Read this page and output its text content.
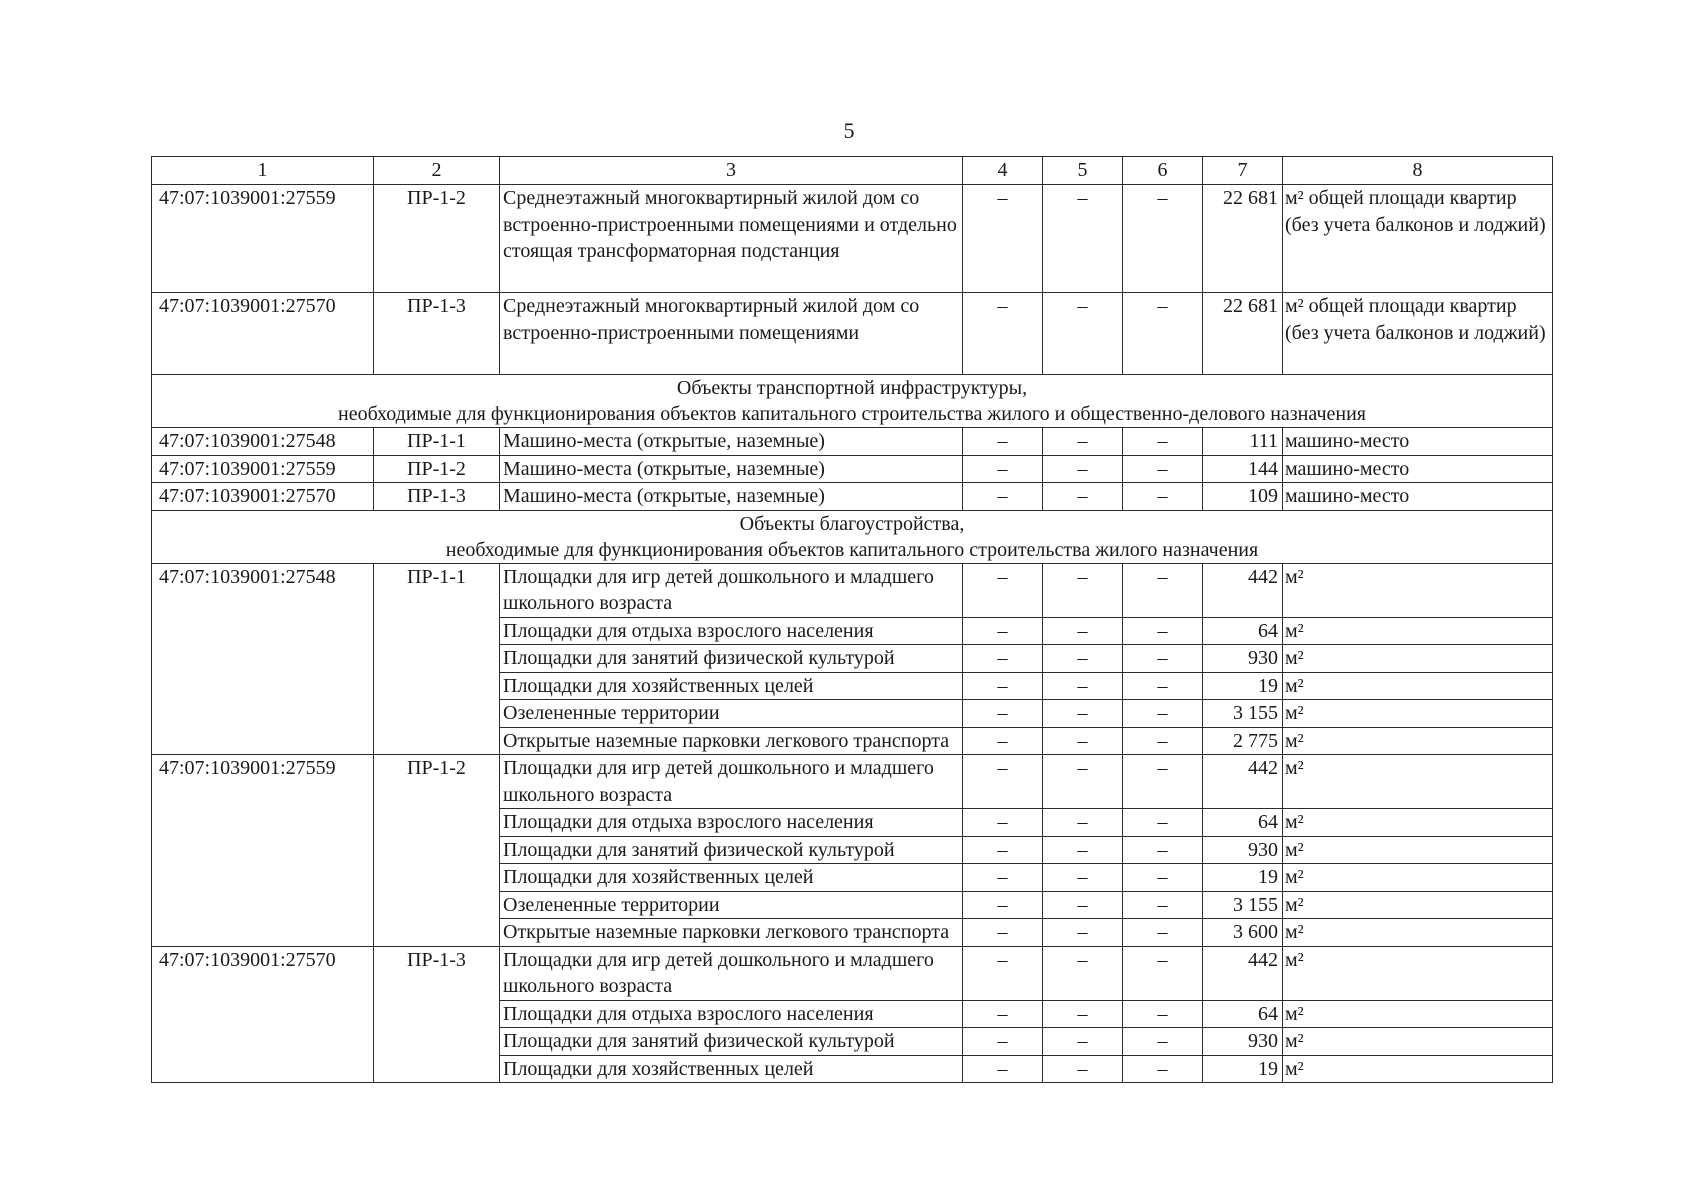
5
1	2	3	4	5	6	7	8
47:07:1039001:27559	ПР-1-2	Среднеэтажный многоквартирный жилой дом со встроенно-пристроенными помещениями и отдельно стоящая трансформаторная подстанция	–	–	–	22 681	м² общей площади квартир (без учета балконов и лоджий)
47:07:1039001:27570	ПР-1-3	Среднеэтажный многоквартирный жилой дом со встроенно-пристроенными помещениями	–	–	–	22 681	м² общей площади квартир (без учета балконов и лоджий)

Объекты транспортной инфраструктуры,
необходимые для функционирования объектов капитального строительства жилого и общественно-делового назначения							

47:07:1039001:27548	ПР-1-1	Машино-места (открытые, наземные)	–	–	–	111	машино-место
47:07:1039001:27559	ПР-1-2	Машино-места (открытые, наземные)	–	–	–	144	машино-место
47:07:1039001:27570	ПР-1-3	Машино-места (открытые, наземные)	–	–	–	109	машино-место

Объекты благоустройства,
необходимые для функционирования объектов капитального строительства жилого назначения							

47:07:1039001:27548	ПР-1-1	Площадки для игр детей дошкольного и младшего школьного возраста	–	–	–	442	м²
		Площадки для отдыха взрослого населения	–	–	–	64	м²
		Площадки для занятий физической культурой	–	–	–	930	м²
		Площадки для хозяйственных целей	–	–	–	19	м²
		Озелененные территории	–	–	–	3 155	м²
		Открытые наземные парковки легкового транспорта	–	–	–	2 775	м²
47:07:1039001:27559	ПР-1-2	Площадки для игр детей дошкольного и младшего школьного возраста	–	–	–	442	м²
		Площадки для отдыха взрослого населения	–	–	–	64	м²
		Площадки для занятий физической культурой	–	–	–	930	м²
		Площадки для хозяйственных целей	–	–	–	19	м²
		Озелененные территории	–	–	–	3 155	м²
		Открытые наземные парковки легкового транспорта	–	–	–	3 600	м²
47:07:1039001:27570	ПР-1-3	Площадки для игр детей дошкольного и младшего школьного возраста	–	–	–	442	м²
		Площадки для отдыха взрослого населения	–	–	–	64	м²
		Площадки для занятий физической культурой	–	–	–	930	м²
		Площадки для хозяйственных целей	–	–	–	19	м²
